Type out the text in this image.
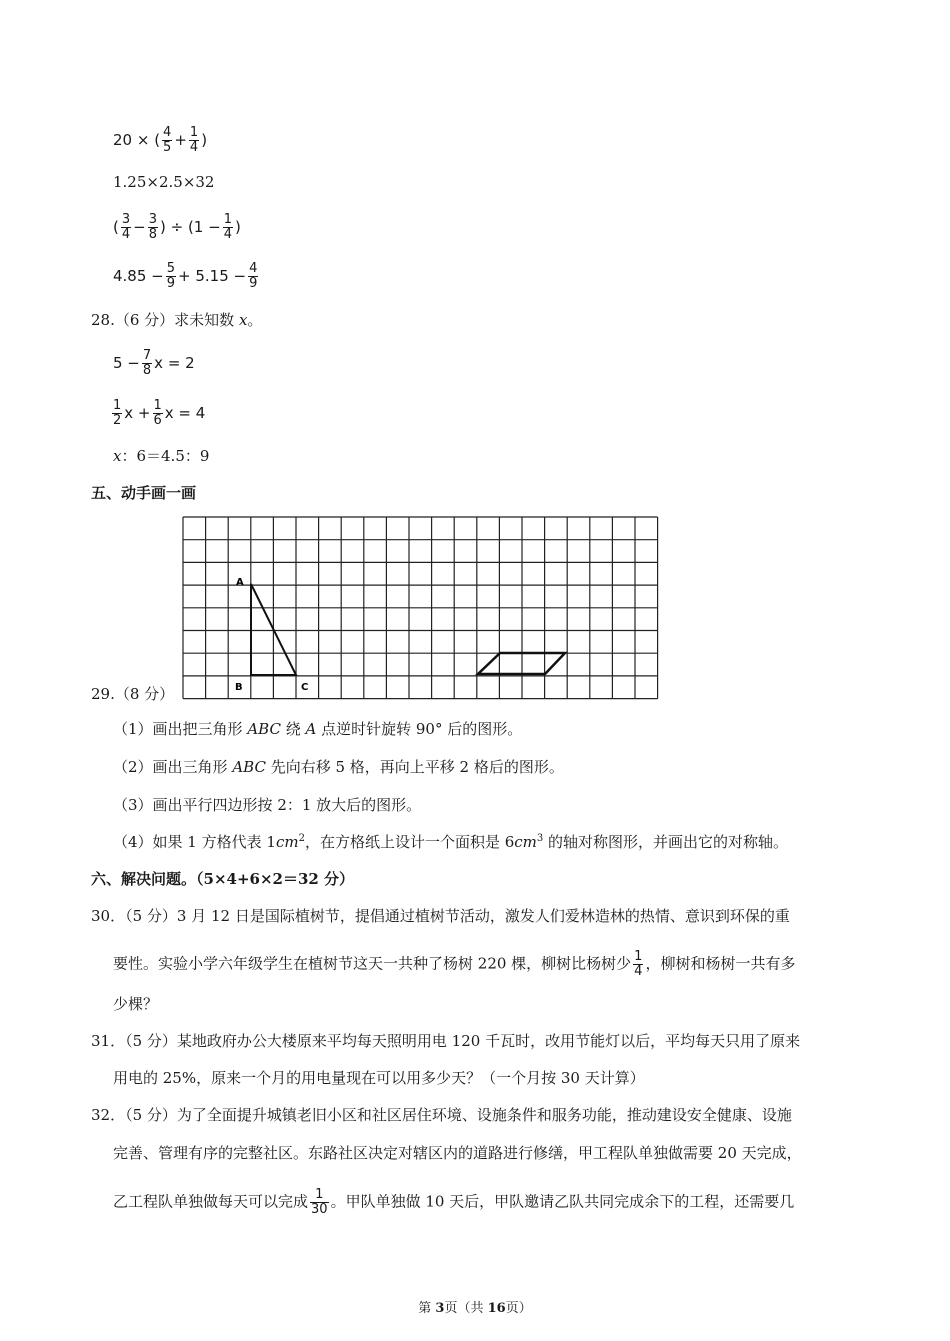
20 × ( $\frac{4}{5} + \frac{1}{4}$ )
1.25×2.5×32
( $\frac{3}{4} - \frac{3}{8}$ ) ÷ ($1 - \frac{1}{4}$ )
$4.85 - \frac{5}{9} + 5.15 - \frac{4}{9}$
28.（6 分）求未知数 x。
$5 - \frac{7}{8}$ x = 2
$\frac{1}{2}$ $x + \frac{1}{6}$ x = 4
x：6＝4.5：9
五、动手画一画
A
B	C
29.（8 分）
（1）画出把三角形 ABC 绕 A 点逆时针旋转 90° 后的图形。
（2）画出三角形 ABC 先向右移 5 格，再向上平移 2 格后的图形。
（3）画出平行四边形按 2：1 放大后的图形。
（4）如果 1 方格代表 $1cm^2$，在方格纸上设计一个面积是 $6cm^3$ 的轴对称图形，并画出它的对称轴。
六、解决问题。（5×4+6×2＝32 分）
30．（5 分）3 月 12 日是国际植树节，提倡通过植树节活动，激发人们爱林造林的热情、意识到环保的重
要性。实验小学六年级学生在植树节这天一共种了杨树 220 棵，柳树比杨树少 $\frac{1}{4}$ ，柳树和杨树一共有多
少棵？
31．（5 分）某地政府办公大楼原来平均每天照明用电 120 千瓦时，改用节能灯以后，平均每天只用了原来
用电的 25%，原来一个月的用电量现在可以用多少天？（一个月按 30 天计算）
32．（5 分）为了全面提升城镇老旧小区和社区居住环境、设施条件和服务功能，推动建设安全健康、设施
完善、管理有序的完整社区。东路社区决定对辖区内的道路进行修缮，甲工程队单独做需要 20 天完成，
乙工程队单独做每天可以完成 $\frac{1}{30}$ 。甲队单独做 10 天后，甲队邀请乙队共同完成余下的工程，还需要几
第 3页（共 16页）
